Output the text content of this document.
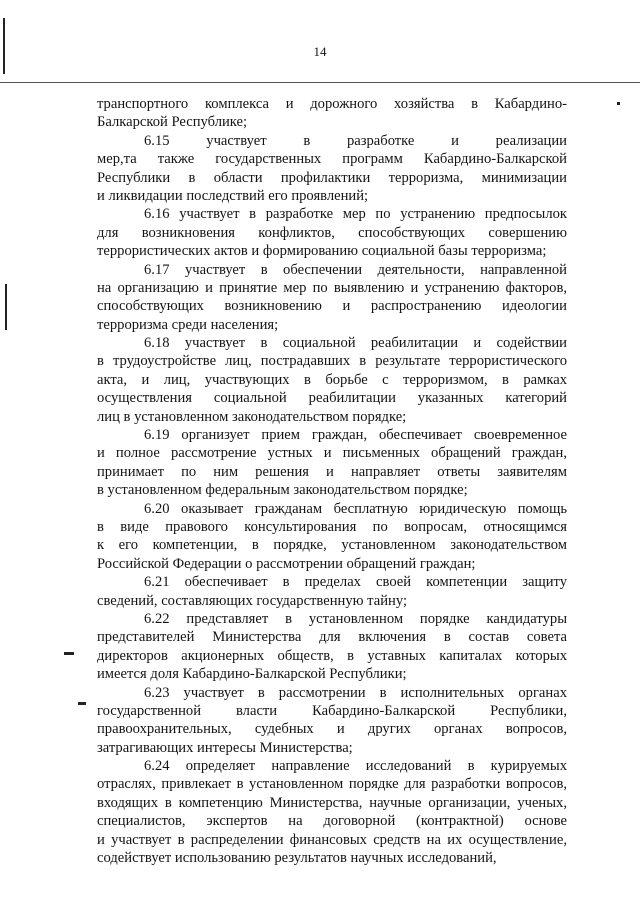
14
транспортного комплекса и дорожного хозяйства в Кабардино-
Балкарской Республике;
6.15 участвует в разработке и реализации
мер,та также государственных программ Кабардино-Балкарской
Республики в области профилактики терроризма, минимизации
и ликвидации последствий его проявлений;
6.16 участвует в разработке мер по устранению предпосылок
для возникновения конфликтов, способствующих совершению
террористических актов и формированию социальной базы терроризма;
6.17 участвует в обеспечении деятельности, направленной
на организацию и принятие мер по выявлению и устранению факторов,
способствующих возникновению и распространению идеологии
терроризма среди населения;
6.18 участвует в социальной реабилитации и содействии
в трудоустройстве лиц, пострадавших в результате террористического
акта, и лиц, участвующих в борьбе с терроризмом, в рамках
осуществления социальной реабилитации указанных категорий
лиц в установленном законодательством порядке;
6.19 организует прием граждан, обеспечивает своевременное
и полное рассмотрение устных и письменных обращений граждан,
принимает по ним решения и направляет ответы заявителям
в установленном федеральным законодательством порядке;
6.20 оказывает гражданам бесплатную юридическую помощь
в виде правового консультирования по вопросам, относящимся
к его компетенции, в порядке, установленном законодательством
Российской Федерации о рассмотрении обращений граждан;
6.21 обеспечивает в пределах своей компетенции защиту
сведений, составляющих государственную тайну;
6.22 представляет в установленном порядке кандидатуры
представителей Министерства для включения в состав совета
директоров акционерных обществ, в уставных капиталах которых
имеется доля Кабардино-Балкарской Республики;
6.23 участвует в рассмотрении в исполнительных органах
государственной власти Кабардино-Балкарской Республики,
правоохранительных, судебных и других органах вопросов,
затрагивающих интересы Министерства;
6.24 определяет направление исследований в курируемых
отраслях, привлекает в установленном порядке для разработки вопросов,
входящих в компетенцию Министерства, научные организации, ученых,
специалистов, экспертов на договорной (контрактной) основе
и участвует в распределении финансовых средств на их осуществление,
содействует использованию результатов научных исследований,
